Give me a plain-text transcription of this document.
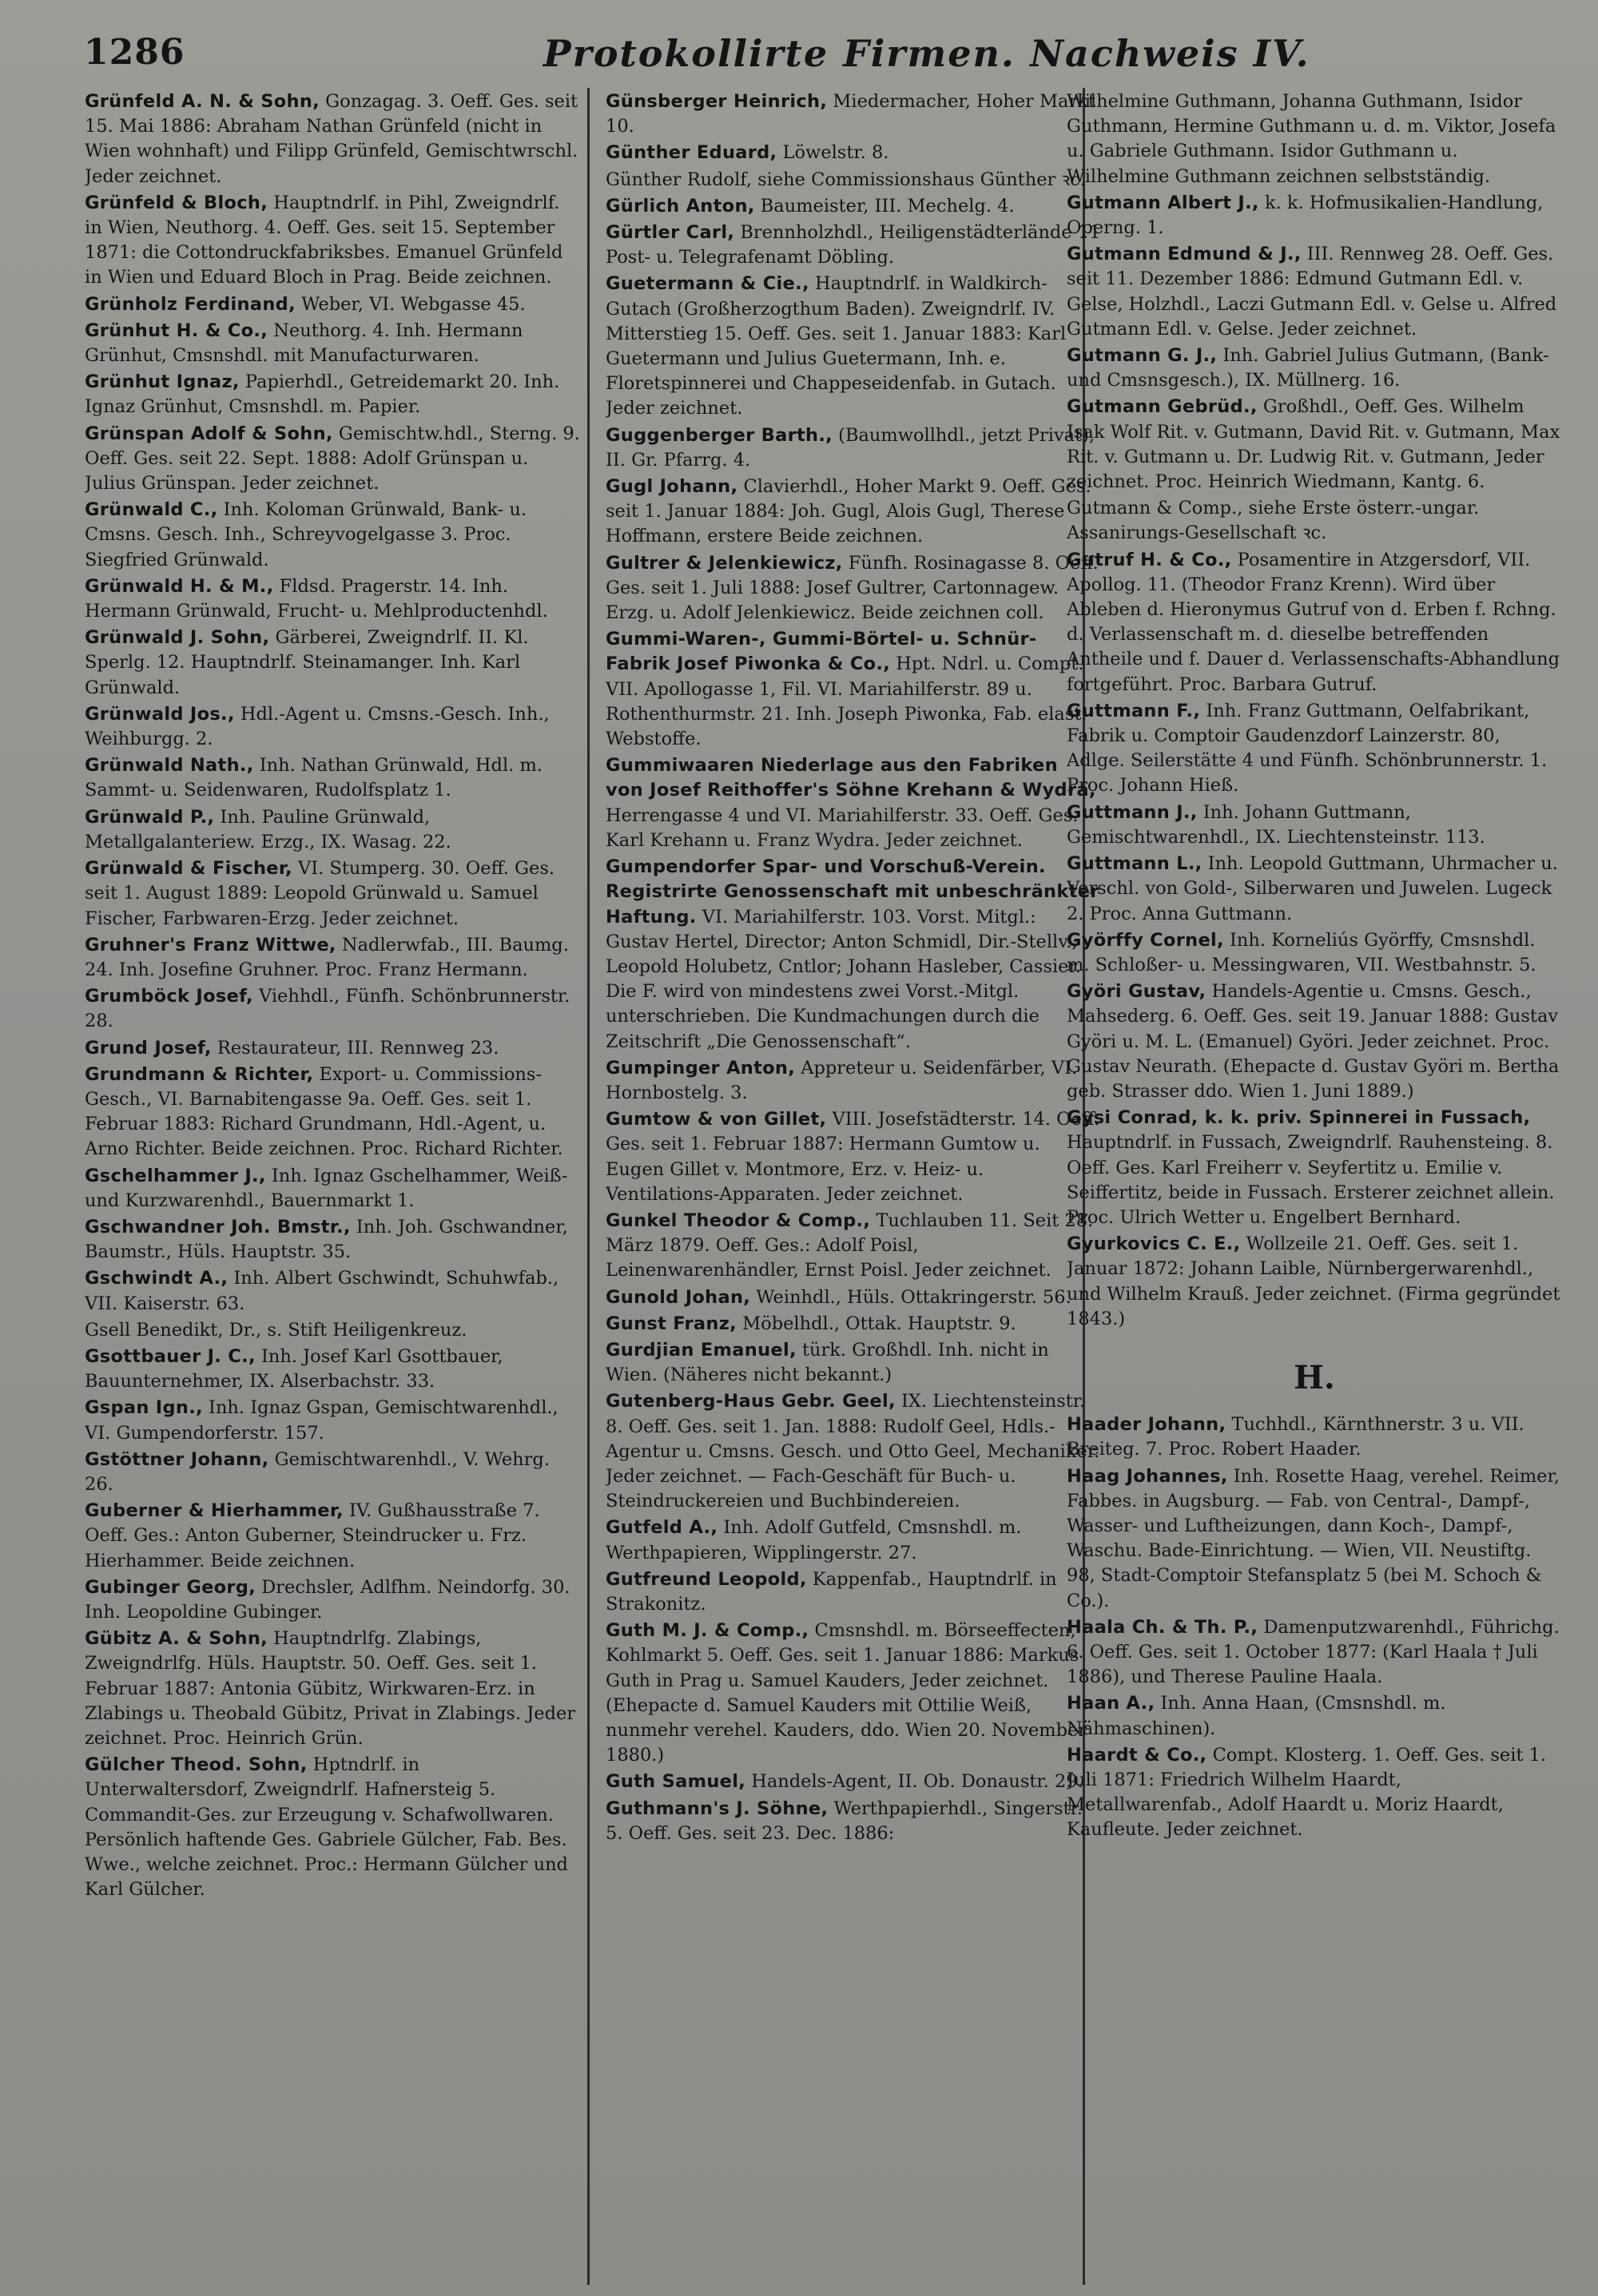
1286	Protokollirte Firmen. Nachweis IV.
Grünfeld A. N. & Sohn, Gonzagag. 3. Oeff. Ges. seit 15. Mai 1886: Abraham Nathan Grünfeld (nicht in Wien wohnhaft) und Filipp Grünfeld, Gemischtwrschl. Jeder zeichnet.
Grünfeld & Bloch, Hauptndrlf. in Pihl, Zweigndrlf. in Wien, Neuthorg. 4. Oeff. Ges. seit 15. September 1871: die Cottondruckfabriksbes. Emanuel Grünfeld in Wien und Eduard Bloch in Prag. Beide zeichnen.
Grünholz Ferdinand, Weber, VI. Webgasse 45.
Grünhut H. & Co., Neuthorg. 4. Inh. Hermann Grünhut, Cmsnshdl. mit Manufacturwaren.
Grünhut Ignaz, Papierhdl., Getreidemarkt 20. Inh. Ignaz Grünhut, Cmsnshdl. m. Papier.
Grünspan Adolf & Sohn, Gemischtw.hdl., Sterng. 9. Oeff. Ges. seit 22. Sept. 1888: Adolf Grünspan u. Julius Grünspan. Jeder zeichnet.
Grünwald C., Inh. Koloman Grünwald, Bank- u. Cmsns. Gesch. Inh., Schreyvogelgasse 3. Proc. Siegfried Grünwald.
Grünwald H. & M., Fldsd. Pragerstr. 14. Inh. Hermann Grünwald, Frucht- u. Mehlproductenhdl.
Grünwald J. Sohn, Gärberei, Zweigndrlf. II. Kl. Sperlg. 12. Hauptndrlf. Steinamanger. Inh. Karl Grünwald.
Grünwald Jos., Hdl.-Agent u. Cmsns.-Gesch. Inh., Weihburgg. 2.
Grünwald Nath., Inh. Nathan Grünwald, Hdl. m. Sammt- u. Seidenwaren, Rudolfsplatz 1.
Grünwald P., Inh. Pauline Grünwald, Metallgalanteriew. Erzg., IX. Wasag. 22.
Grünwald & Fischer, VI. Stumperg. 30. Oeff. Ges. seit 1. August 1889: Leopold Grünwald u. Samuel Fischer, Farbwaren-Erzg. Jeder zeichnet.
Gruhner's Franz Wittwe, Nadlerwfab., III. Baumg. 24. Inh. Josefine Gruhner. Proc. Franz Hermann.
Grumböck Josef, Viehhdl., Fünfh. Schönbrunnerstr. 28.
Grund Josef, Restaurateur, III. Rennweg 23.
Grundmann & Richter, Export- u. Commissions-Gesch., VI. Barnabitengasse 9a. Oeff. Ges. seit 1. Februar 1883: Richard Grundmann, Hdl.-Agent, u. Arno Richter. Beide zeichnen. Proc. Richard Richter.
Gschelhammer J., Inh. Ignaz Gschelhammer, Weiß- und Kurzwarenhdl., Bauernmarkt 1.
Gschwandner Joh. Bmstr., Inh. Joh. Gschwandner, Baumstr., Hüls. Hauptstr. 35.
Gschwindt A., Inh. Albert Gschwindt, Schuhwfab., VII. Kaiserstr. 63.
Gsell Benedikt, Dr., s. Stift Heiligenkreuz.
Gsottbauer J. C., Inh. Josef Karl Gsottbauer, Bauunternehmer, IX. Alserbachstr. 33.
Gspan Ign., Inh. Ignaz Gspan, Gemischtwarenhdl., VI. Gumpendorferstr. 157.
Gstöttner Johann, Gemischtwarenhdl., V. Wehrg. 26.
Guberner & Hierhammer, IV. Gußhausstraße 7. Oeff. Ges.: Anton Guberner, Steindrucker u. Frz. Hierhammer. Beide zeichnen.
Gubinger Georg, Drechsler, Adlfhm. Neindorfg. 30. Inh. Leopoldine Gubinger.
Gübitz A. & Sohn, Hauptndrlfg. Zlabings, Zweigndrlfg. Hüls. Hauptstr. 50. Oeff. Ges. seit 1. Februar 1887: Antonia Gübitz, Wirkwaren-Erz. in Zlabings u. Theobald Gübitz, Privat in Zlabings. Jeder zeichnet. Proc. Heinrich Grün.
Gülcher Theod. Sohn, Hptndrlf. in Unterwaltersdorf, Zweigndrlf. Hafnersteig 5. Commandit-Ges. zur Erzeugung v. Schafwollwaren. Persönlich haftende Ges. Gabriele Gülcher, Fab. Bes. Wwe., welche zeichnet. Proc.: Hermann Gülcher und Karl Gülcher.
Günsberger Heinrich, Miedermacher, Hoher Markt 10.
Günther Eduard, Löwelstr. 8.
Günther Rudolf, siehe Commissionshaus Günther ꝛc.
Gürlich Anton, Baumeister, III. Mechelg. 4.
Gürtler Carl, Brennholzhdl., Heiligenstädterlände 11 Post- u. Telegrafenamt Döbling.
Guetermann & Cie., Hauptndrlf. in Waldkirch-Gutach (Großherzogthum Baden). Zweigndrlf. IV. Mitterstieg 15. Oeff. Ges. seit 1. Januar 1883: Karl Guetermann und Julius Guetermann, Inh. e. Floretspinnerei und Chappeseidenfab. in Gutach. Jeder zeichnet.
Guggenberger Barth., (Baumwollhdl., jetzt Privat), II. Gr. Pfarrg. 4.
Gugl Johann, Clavierhdl., Hoher Markt 9. Oeff. Ges. seit 1. Januar 1884: Joh. Gugl, Alois Gugl, Therese Hoffmann, erstere Beide zeichnen.
Gultrer & Jelenkiewicz, Fünfh. Rosinagasse 8. Oeff. Ges. seit 1. Juli 1888: Josef Gultrer, Cartonnagew. Erzg. u. Adolf Jelenkiewicz. Beide zeichnen coll.
Gummi-Waren-, Gummi-Börtel- u. Schnür-Fabrik Josef Piwonka & Co., Hpt. Ndrl. u. Compt. VII. Apollogasse 1, Fil. VI. Mariahilferstr. 89 u. Rothenthurmstr. 21. Inh. Joseph Piwonka, Fab. elast. Webstoffe.
Gummiwaaren Niederlage aus den Fabriken von Josef Reithoffer's Söhne Krehann & Wydra, Herrengasse 4 und VI. Mariahilferstr. 33. Oeff. Ges. Karl Krehann u. Franz Wydra. Jeder zeichnet.
Gumpendorfer Spar- und Vorschuß-Verein. Registrirte Genossenschaft mit unbeschränkter Haftung. VI. Mariahilferstr. 103. Vorst. Mitgl.: Gustav Hertel, Director; Anton Schmidl, Dir.-Stellv.; Leopold Holubetz, Cntlor; Johann Hasleber, Cassier. Die F. wird von mindestens zwei Vorst.-Mitgl. unterschrieben. Die Kundmachungen durch die Zeitschrift „Die Genossenschaft“.
Gumpinger Anton, Appreteur u. Seidenfärber, VI. Hornbostelg. 3.
Gumtow & von Gillet, VIII. Josefstädterstr. 14. Oeff. Ges. seit 1. Februar 1887: Hermann Gumtow u. Eugen Gillet v. Montmore, Erz. v. Heiz- u. Ventilations-Apparaten. Jeder zeichnet.
Gunkel Theodor & Comp., Tuchlauben 11. Seit 28. März 1879. Oeff. Ges.: Adolf Poisl, Leinenwarenhändler, Ernst Poisl. Jeder zeichnet.
Gunold Johan, Weinhdl., Hüls. Ottakringerstr. 56.
Gunst Franz, Möbelhdl., Ottak. Hauptstr. 9.
Gurdjian Emanuel, türk. Großhdl. Inh. nicht in Wien. (Näheres nicht bekannt.)
Gutenberg-Haus Gebr. Geel, IX. Liechtensteinstr. 8. Oeff. Ges. seit 1. Jan. 1888: Rudolf Geel, Hdls.-Agentur u. Cmsns. Gesch. und Otto Geel, Mechaniker. Jeder zeichnet. — Fach-Geschäft für Buch- u. Steindruckereien und Buchbindereien.
Gutfeld A., Inh. Adolf Gutfeld, Cmsnshdl. m. Werthpapieren, Wipplingerstr. 27.
Gutfreund Leopold, Kappenfab., Hauptndrlf. in Strakonitz.
Guth M. J. & Comp., Cmsnshdl. m. Börseeffecten, Kohlmarkt 5. Oeff. Ges. seit 1. Januar 1886: Markus Guth in Prag u. Samuel Kauders, Jeder zeichnet. (Ehepacte d. Samuel Kauders mit Ottilie Weiß, nunmehr verehel. Kauders, ddo. Wien 20. November 1880.)
Guth Samuel, Handels-Agent, II. Ob. Donaustr. 29.
Guthmann's J. Söhne, Werthpapierhdl., Singerstr. 5. Oeff. Ges. seit 23. Dec. 1886:
Wilhelmine Guthmann, Johanna Guthmann, Isidor Guthmann, Hermine Guthmann u. d. m. Viktor, Josefa u. Gabriele Guthmann. Isidor Guthmann u. Wilhelmine Guthmann zeichnen selbstständig.
Gutmann Albert J., k. k. Hofmusikalien-Handlung, Operng. 1.
Gutmann Edmund & J., III. Rennweg 28. Oeff. Ges. seit 11. Dezember 1886: Edmund Gutmann Edl. v. Gelse, Holzhdl., Laczi Gutmann Edl. v. Gelse u. Alfred Gutmann Edl. v. Gelse. Jeder zeichnet.
Gutmann G. J., Inh. Gabriel Julius Gutmann, (Bank- und Cmsnsgesch.), IX. Müllnerg. 16.
Gutmann Gebrüd., Großhdl., Oeff. Ges. Wilhelm Isak Wolf Rit. v. Gutmann, David Rit. v. Gutmann, Max Rit. v. Gutmann u. Dr. Ludwig Rit. v. Gutmann, Jeder zeichnet. Proc. Heinrich Wiedmann, Kantg. 6.
Gutmann & Comp., siehe Erste österr.-ungar. Assanirungs-Gesellschaft ꝛc.
Gutruf H. & Co., Posamentire in Atzgersdorf, VII. Apollog. 11. (Theodor Franz Krenn). Wird über Ableben d. Hieronymus Gutruf von d. Erben f. Rchng. d. Verlassenschaft m. d. dieselbe betreffenden Antheile und f. Dauer d. Verlassenschafts-Abhandlung fortgeführt. Proc. Barbara Gutruf.
Guttmann F., Inh. Franz Guttmann, Oelfabrikant, Fabrik u. Comptoir Gaudenzdorf Lainzerstr. 80, Adlge. Seilerstätte 4 und Fünfh. Schönbrunnerstr. 1. Proc. Johann Hieß.
Guttmann J., Inh. Johann Guttmann, Gemischtwarenhdl., IX. Liechtensteinstr. 113.
Guttmann L., Inh. Leopold Guttmann, Uhrmacher u. Verschl. von Gold-, Silberwaren und Juwelen. Lugeck 2. Proc. Anna Guttmann.
Györffy Cornel, Inh. Korneliús Györffy, Cmsnshdl. m. Schloßer- u. Messingwaren, VII. Westbahnstr. 5.
Györi Gustav, Handels-Agentie u. Cmsns. Gesch., Mahsederg. 6. Oeff. Ges. seit 19. Januar 1888: Gustav Györi u. M. L. (Emanuel) Györi. Jeder zeichnet. Proc. Gustav Neurath. (Ehepacte d. Gustav Györi m. Bertha geb. Strasser ddo. Wien 1. Juni 1889.)
Gysi Conrad, k. k. priv. Spinnerei in Fussach, Hauptndrlf. in Fussach, Zweigndrlf. Rauhensteing. 8. Oeff. Ges. Karl Freiherr v. Seyfertitz u. Emilie v. Seiffertitz, beide in Fussach. Ersterer zeichnet allein. Proc. Ulrich Wetter u. Engelbert Bernhard.
Gyurkovics C. E., Wollzeile 21. Oeff. Ges. seit 1. Januar 1872: Johann Laible, Nürnbergerwarenhdl., und Wilhelm Krauß. Jeder zeichnet. (Firma gegründet 1843.)
H.
Haader Johann, Tuchhdl., Kärnthnerstr. 3 u. VII. Breiteg. 7. Proc. Robert Haader.
Haag Johannes, Inh. Rosette Haag, verehel. Reimer, Fabbes. in Augsburg. — Fab. von Central-, Dampf-, Wasser- und Luftheizungen, dann Koch-, Dampf-, Waschu. Bade-Einrichtung. — Wien, VII. Neustiftg. 98, Stadt-Comptoir Stefansplatz 5 (bei M. Schoch & Co.).
Haala Ch. & Th. P., Damenputzwarenhdl., Führichg. 6. Oeff. Ges. seit 1. October 1877: (Karl Haala † Juli 1886), und Therese Pauline Haala.
Haan A., Inh. Anna Haan, (Cmsnshdl. m. Nähmaschinen).
Haardt & Co., Compt. Klosterg. 1. Oeff. Ges. seit 1. Juli 1871: Friedrich Wilhelm Haardt, Metallwarenfab., Adolf Haardt u. Moriz Haardt, Kaufleute. Jeder zeichnet.
